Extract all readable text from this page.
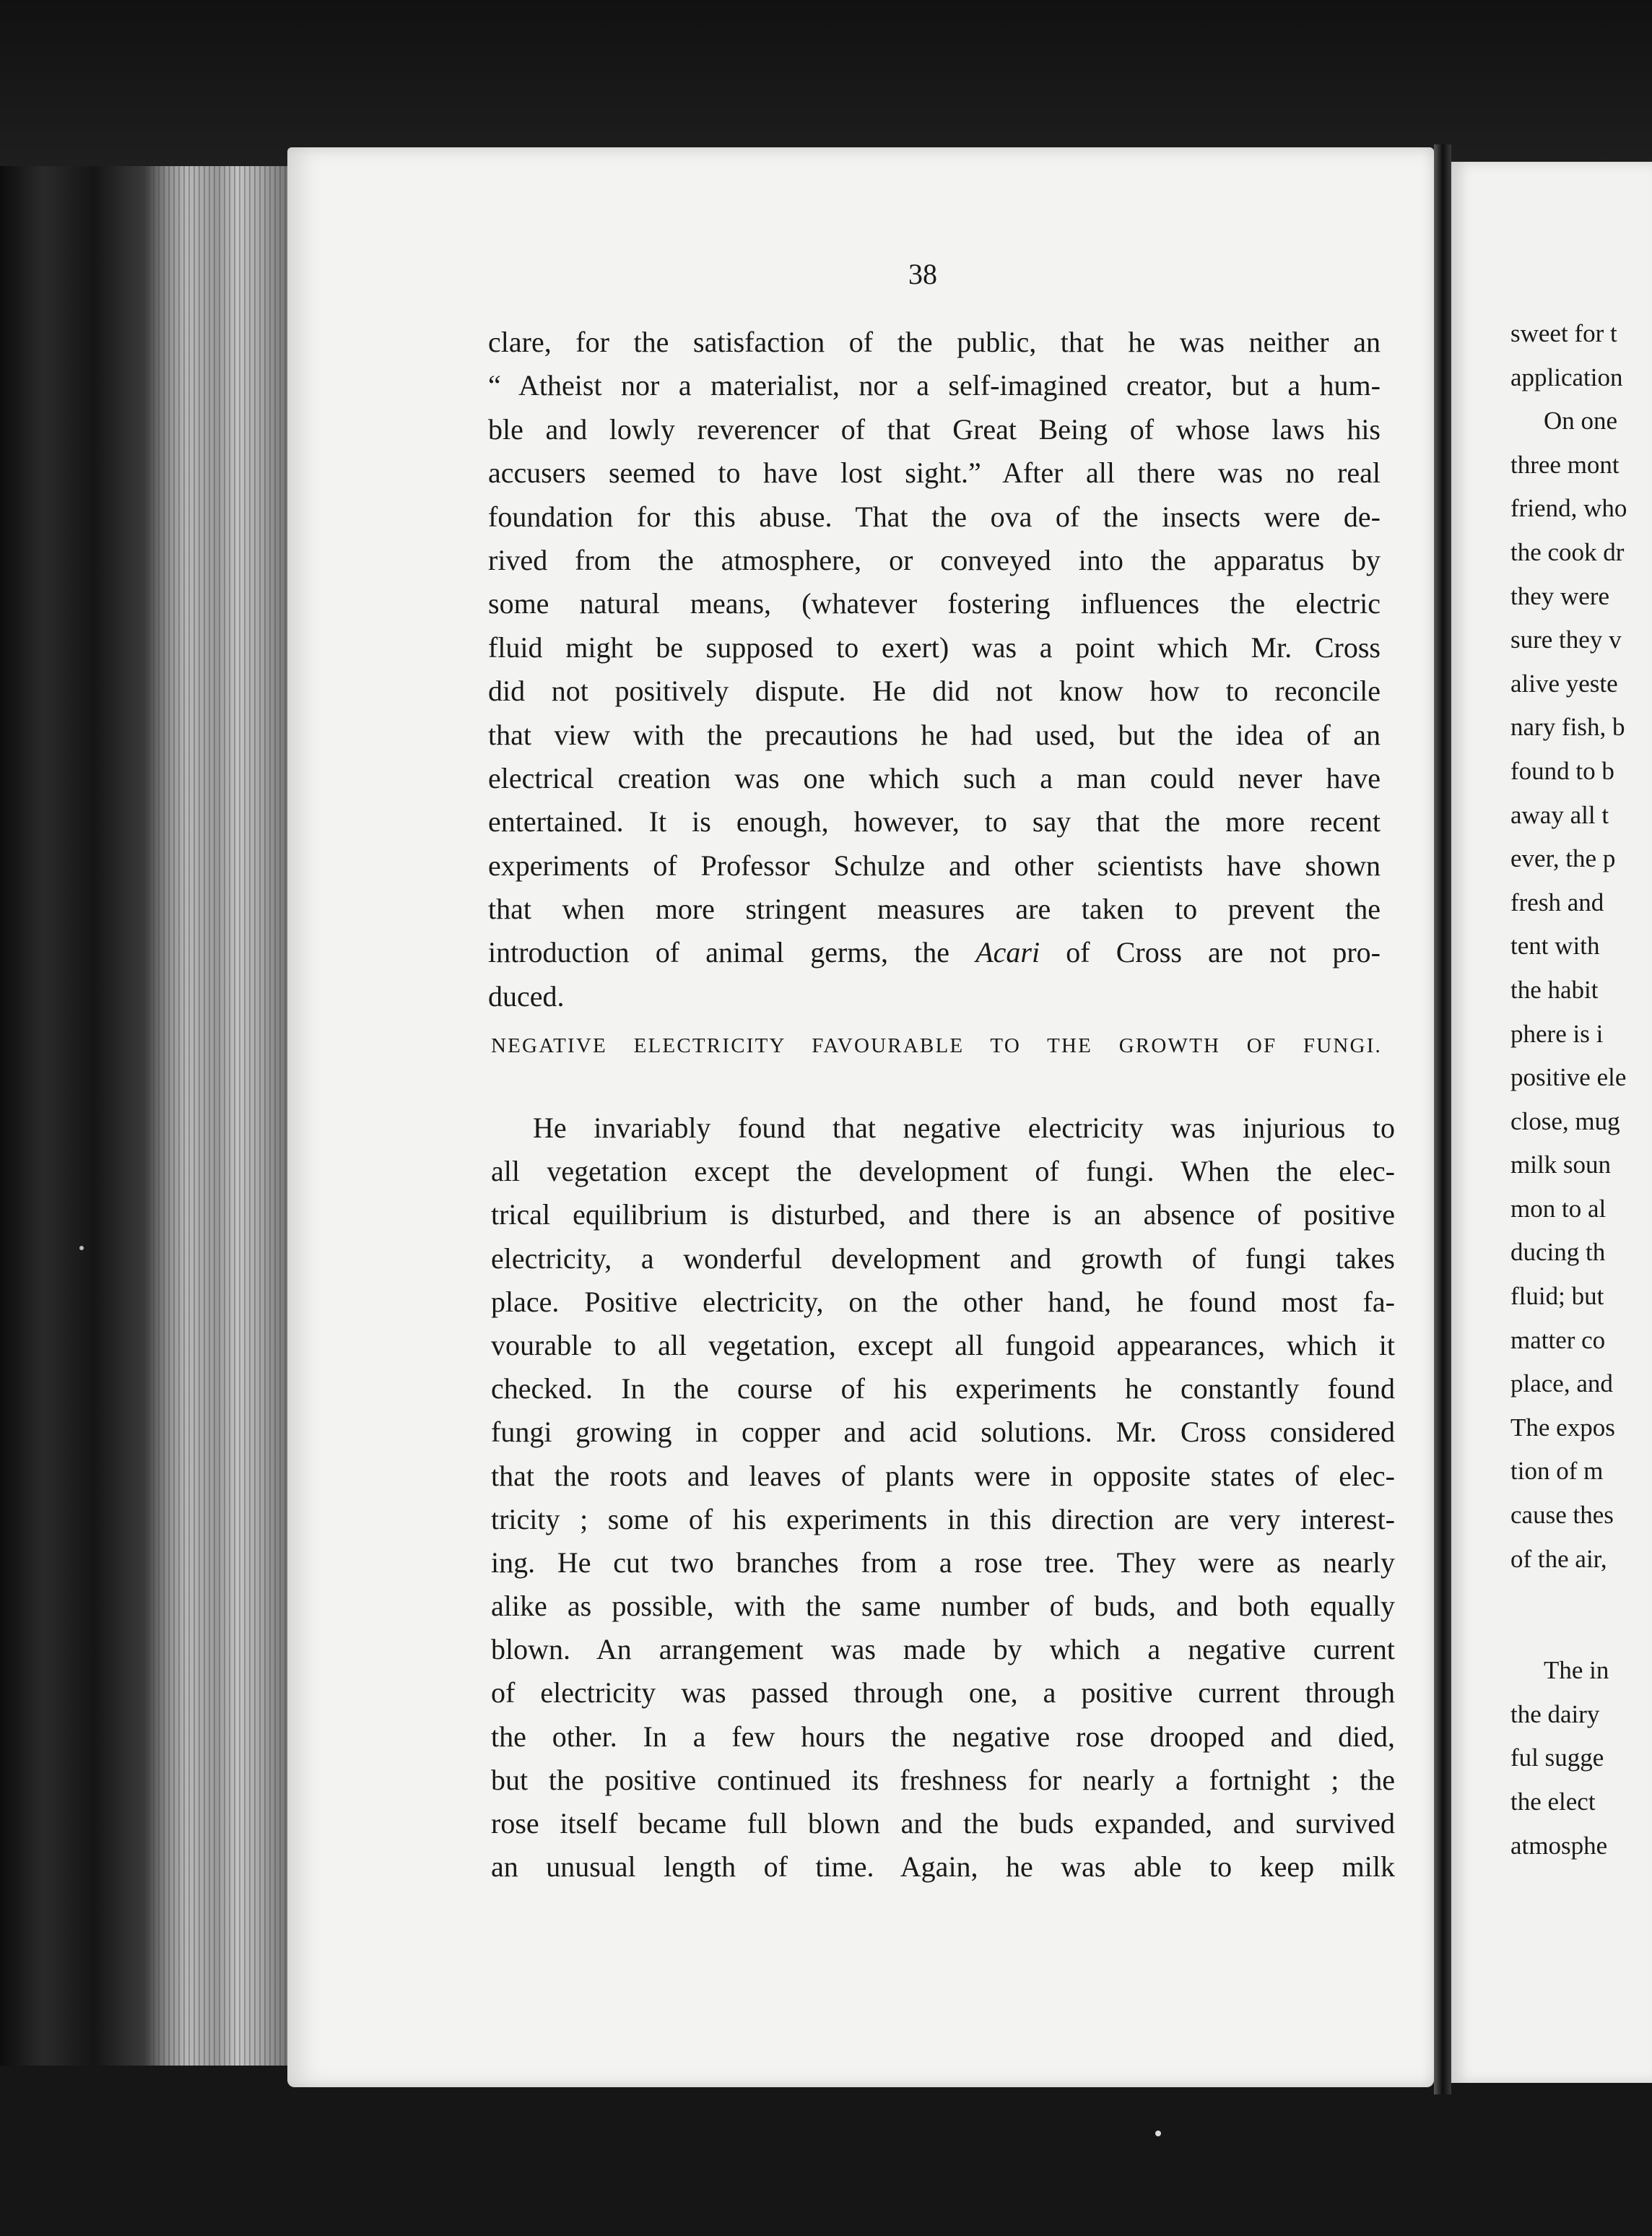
38
clare, for the satisfaction of the public, that he was neither an
“ Atheist nor a materialist, nor a self-imagined creator, but a hum-
ble and lowly reverencer of that Great Being of whose laws his
accusers seemed to have lost sight.” After all there was no real
foundation for this abuse. That the ova of the insects were de-
rived from the atmosphere, or conveyed into the apparatus by
some natural means, (whatever fostering influences the electric
fluid might be supposed to exert) was a point which Mr. Cross
did not positively dispute. He did not know how to reconcile
that view with the precautions he had used, but the idea of an
electrical creation was one which such a man could never have
entertained. It is enough, however, to say that the more recent
experiments of Professor Schulze and other scientists have shown
that when more stringent measures are taken to prevent the
introduction of animal germs, the Acari of Cross are not pro-
duced.
NEGATIVE ELECTRICITY FAVOURABLE TO THE GROWTH OF FUNGI.
He invariably found that negative electricity was injurious to
all vegetation except the development of fungi. When the elec-
trical equilibrium is disturbed, and there is an absence of positive
electricity, a wonderful development and growth of fungi takes
place. Positive electricity, on the other hand, he found most fa-
vourable to all vegetation, except all fungoid appearances, which it
checked. In the course of his experiments he constantly found
fungi growing in copper and acid solutions. Mr. Cross considered
that the roots and leaves of plants were in opposite states of elec-
tricity ; some of his experiments in this direction are very interest-
ing. He cut two branches from a rose tree. They were as nearly
alike as possible, with the same number of buds, and both equally
blown. An arrangement was made by which a negative current
of electricity was passed through one, a positive current through
the other. In a few hours the negative rose drooped and died,
but the positive continued its freshness for nearly a fortnight ; the
rose itself became full blown and the buds expanded, and survived
an unusual length of time. Again, he was able to keep milk
sweet for t
application
On one
three mont
friend, who
the cook dr
they were
sure they v
alive yeste
nary fish, b
found to b
away all t
ever, the p
fresh and
tent with
the habit
phere is i
positive ele
close, mug
milk soun
mon to al
ducing th
fluid; but
matter co
place, and
The expos
tion of m
cause thes
of the air,
The in
the dairy
ful sugge
the elect
atmosphe
